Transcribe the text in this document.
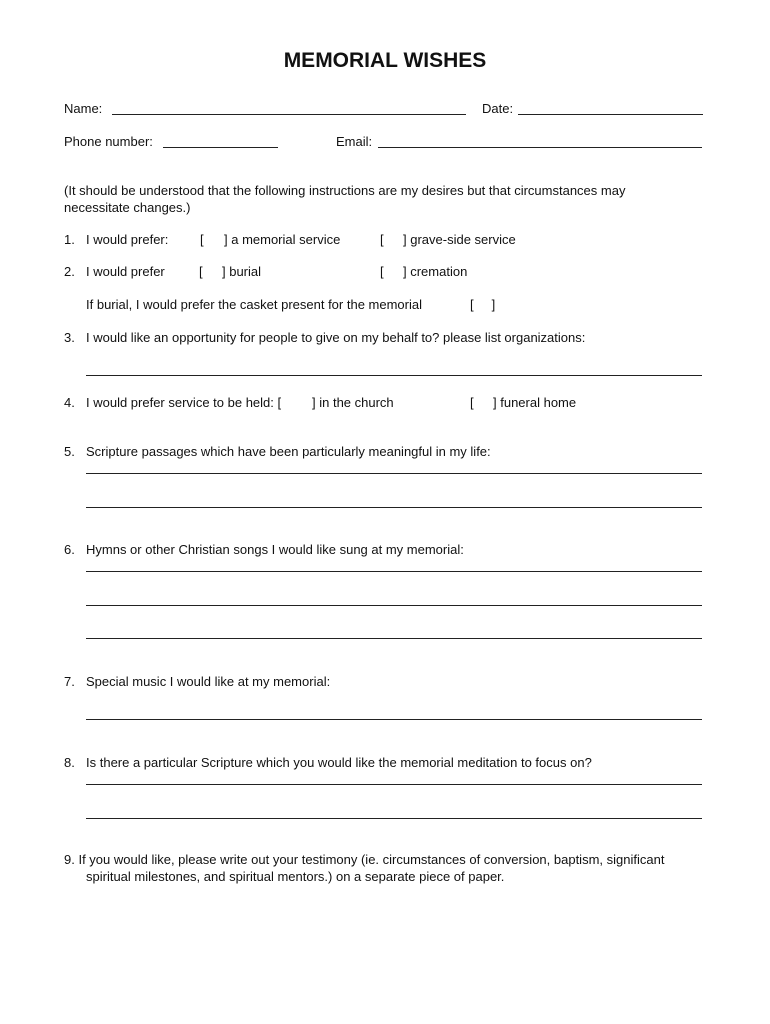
MEMORIAL WISHES
Name:	Date:
Phone number:	Email:
(It should be understood that the following instructions are my desires but that circumstances may necessitate changes.)
1. I would prefer: [ ] a memorial service	[ ] grave-side service
2. I would prefer	[ ] burial	[ ] cremation
If burial, I would prefer the casket present for the memorial	[     ]
3. I would like an opportunity for people to give on my behalf to? please list organizations:
4. I would prefer service to be held: [ ] in the church	[ ] funeral home
5. Scripture passages which have been particularly meaningful in my life:
6. Hymns or other Christian songs I would like sung at my memorial:
7. Special music I would like at my memorial:
8. Is there a particular Scripture which you would like the memorial meditation to focus on?
9. If you would like, please write out your testimony (ie. circumstances of conversion, baptism, significant
spiritual milestones, and spiritual mentors.) on a separate piece of paper.
